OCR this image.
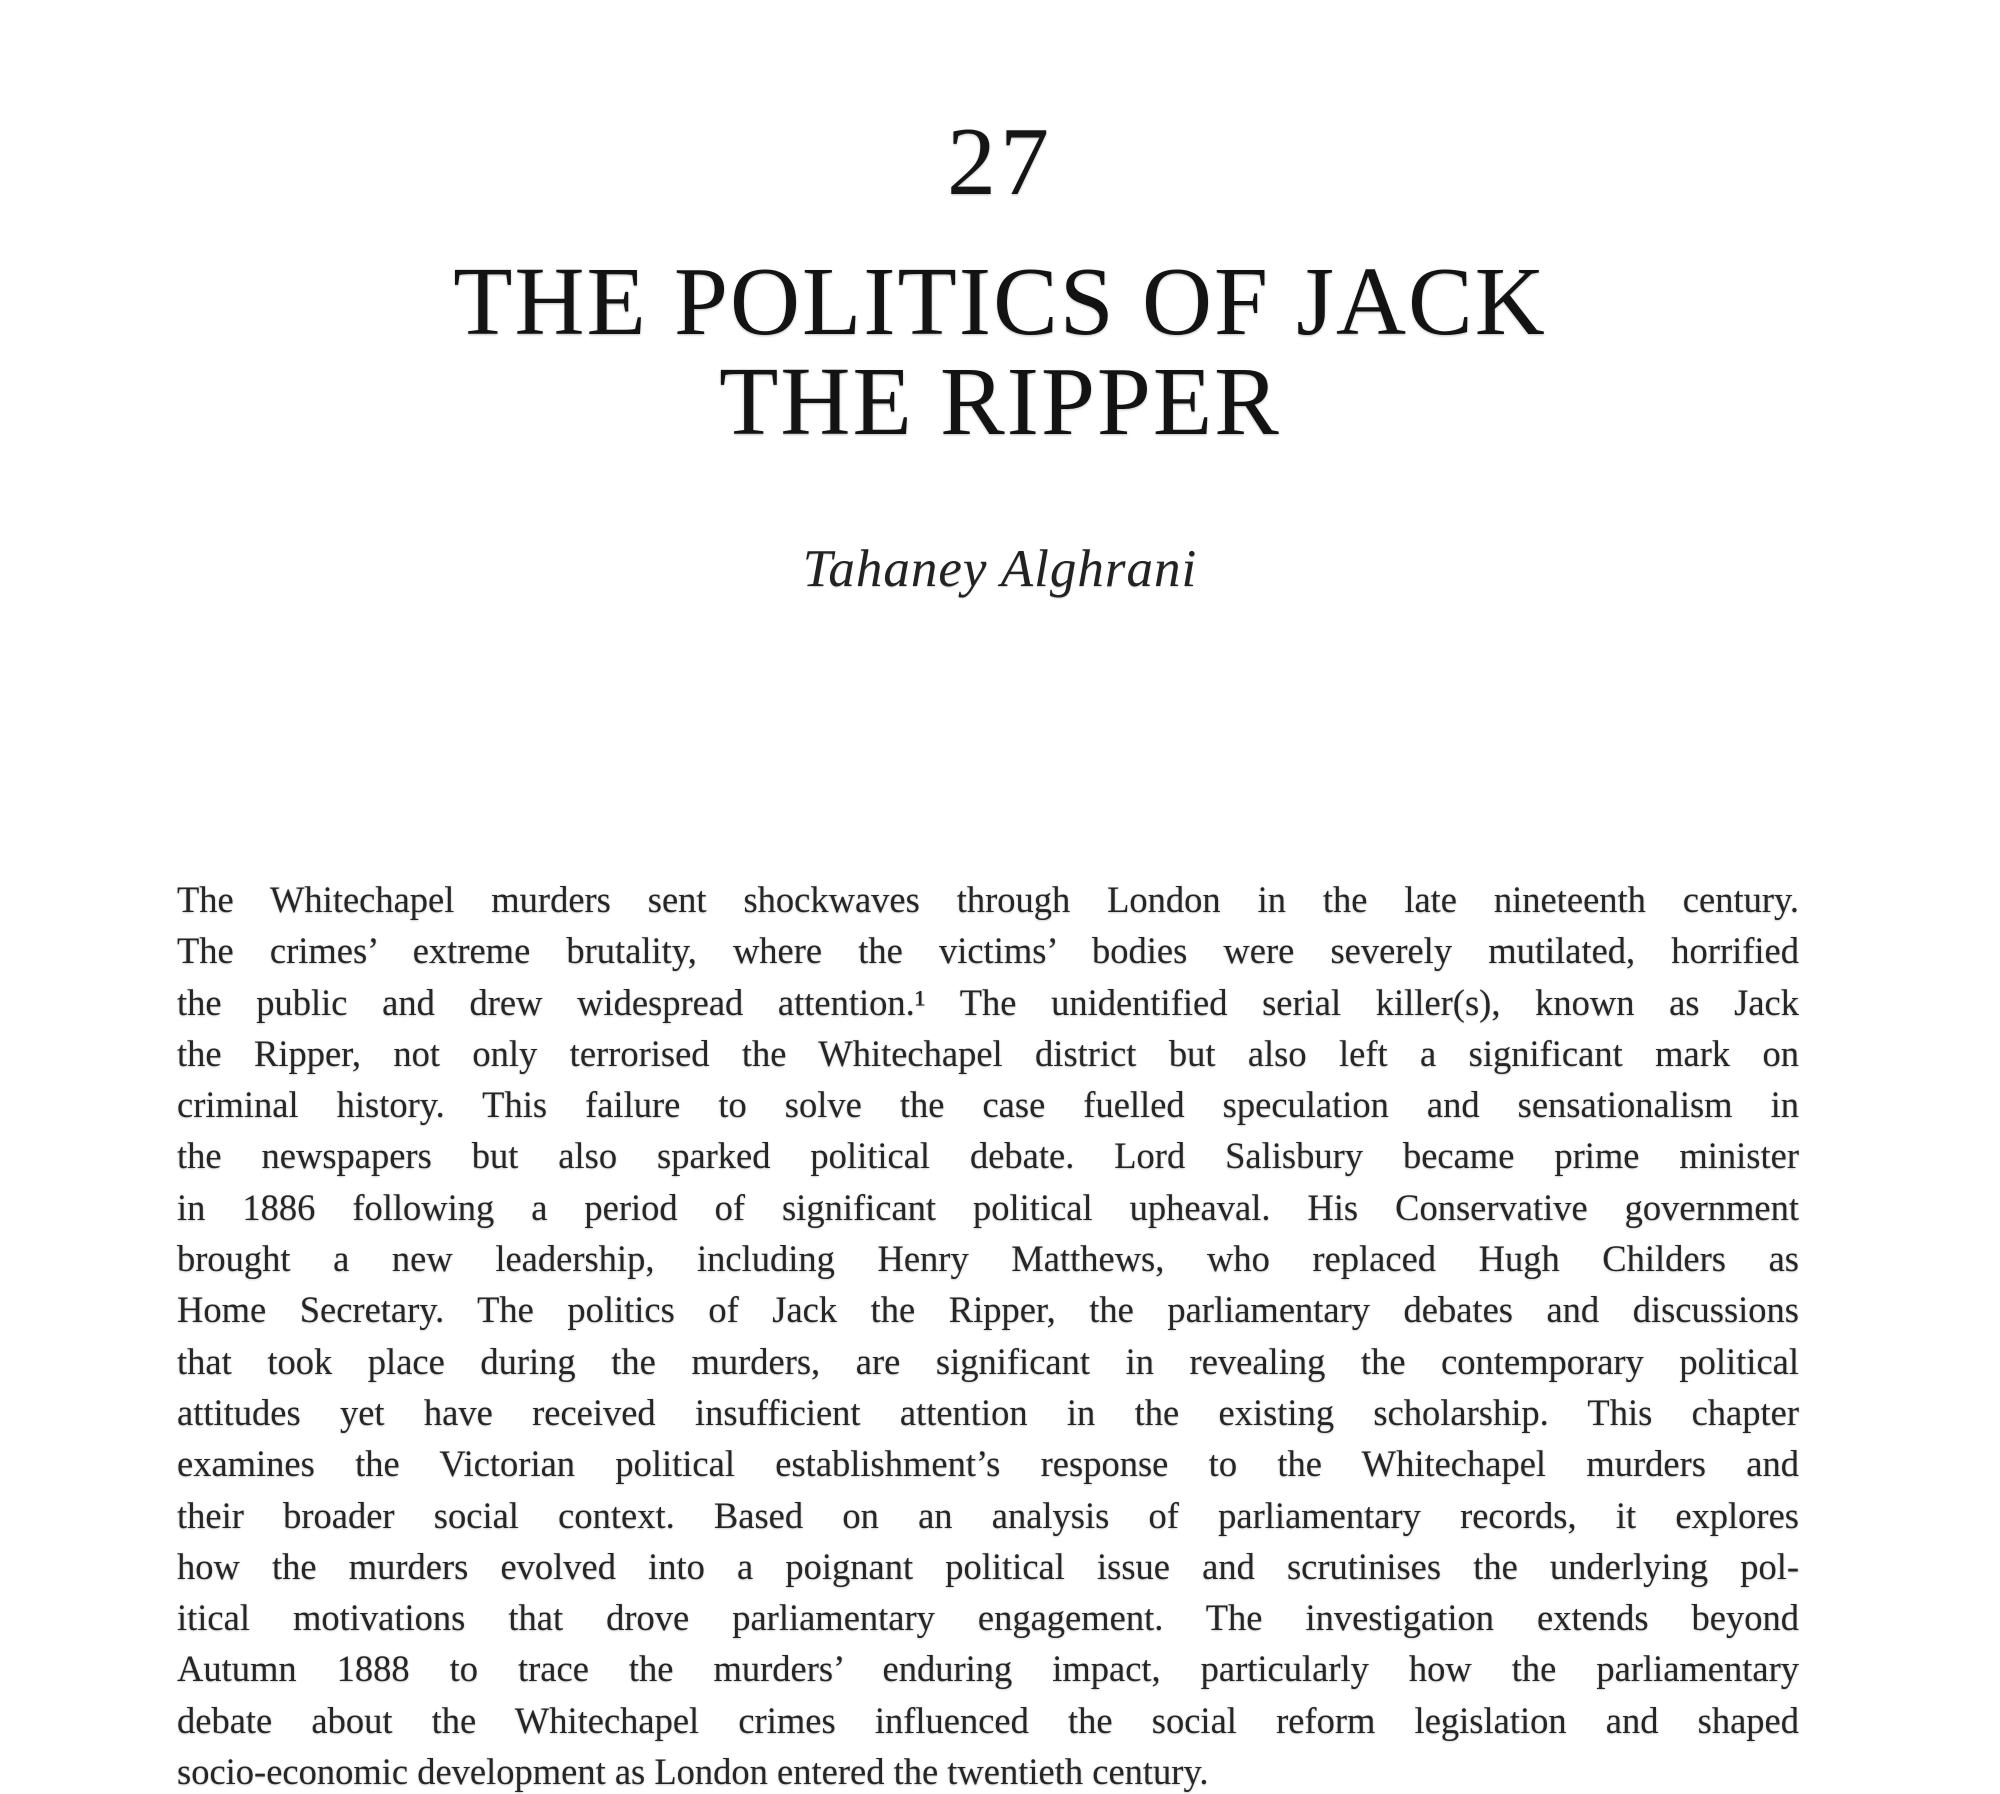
27
THE POLITICS OF JACK
THE RIPPER
Tahaney Alghrani
The Whitechapel murders sent shockwaves through London in the late nineteenth century.
The crimes’ extreme brutality, where the victims’ bodies were severely mutilated, horrified
the public and drew widespread attention.¹ The unidentified serial killer(s), known as Jack
the Ripper, not only terrorised the Whitechapel district but also left a significant mark on
criminal history. This failure to solve the case fuelled speculation and sensationalism in
the newspapers but also sparked political debate. Lord Salisbury became prime minister
in 1886 following a period of significant political upheaval. His Conservative government
brought a new leadership, including Henry Matthews, who replaced Hugh Childers as
Home Secretary. The politics of Jack the Ripper, the parliamentary debates and discussions
that took place during the murders, are significant in revealing the contemporary political
attitudes yet have received insufficient attention in the existing scholarship. This chapter
examines the Victorian political establishment’s response to the Whitechapel murders and
their broader social context. Based on an analysis of parliamentary records, it explores
how the murders evolved into a poignant political issue and scrutinises the underlying pol-
itical motivations that drove parliamentary engagement. The investigation extends beyond
Autumn 1888 to trace the murders’ enduring impact, particularly how the parliamentary
debate about the Whitechapel crimes influenced the social reform legislation and shaped
socio-economic development as London entered the twentieth century.
